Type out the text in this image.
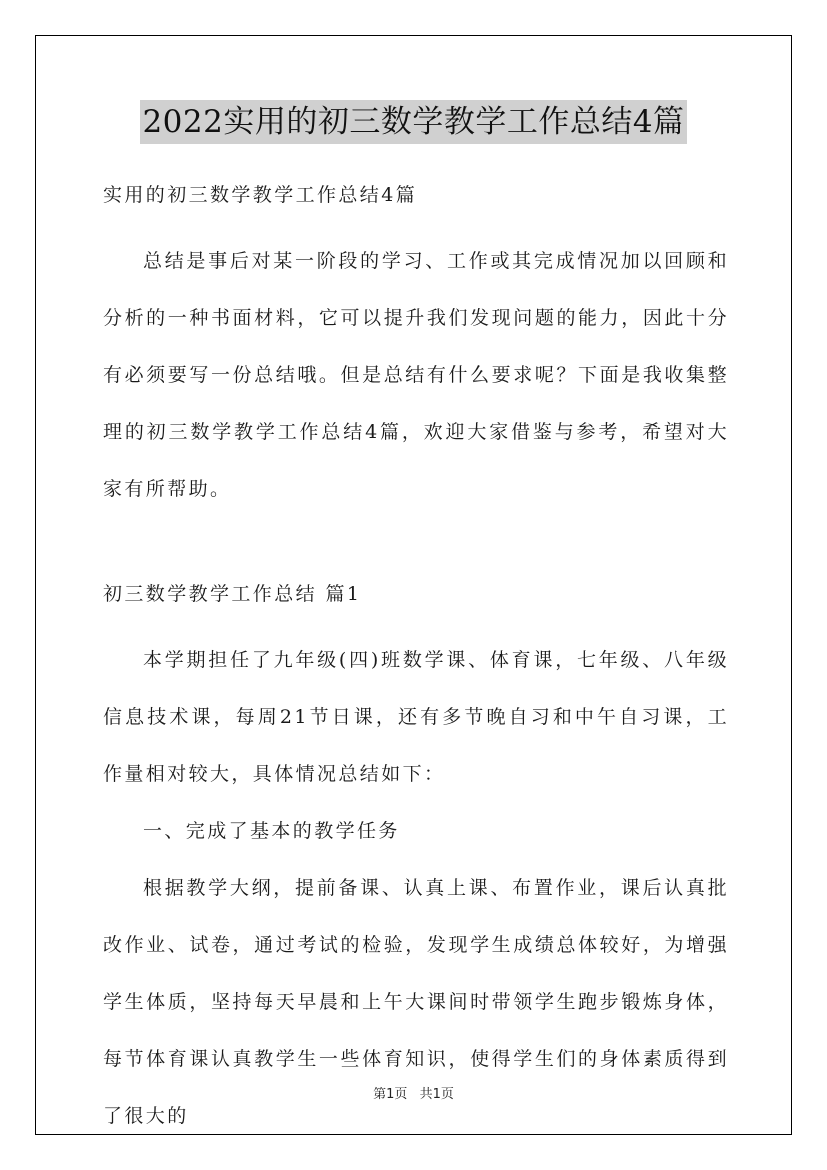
2022实用的初三数学教学工作总结4篇

实用的初三数学教学工作总结4篇

总结是事后对某一阶段的学习、工作或其完成情况加以回顾和分析的一种书面材料，它可以提升我们发现问题的能力，因此十分有必须要写一份总结哦。但是总结有什么要求呢？下面是我收集整理的初三数学教学工作总结4篇，欢迎大家借鉴与参考，希望对大家有所帮助。

初三数学教学工作总结 篇1

本学期担任了九年级(四)班数学课、体育课，七年级、八年级信息技术课，每周21节日课，还有多节晚自习和中午自习课，工作量相对较大，具体情况总结如下：

一、完成了基本的教学任务

根据教学大纲，提前备课、认真上课、布置作业，课后认真批改作业、试卷，通过考试的检验，发现学生成绩总体较好，为增强学生体质，坚持每天早晨和上午大课间时带领学生跑步锻炼身体，每节体育课认真教学生一些体育知识，使得学生们的身体素质得到了很大的

第1页 共1页
